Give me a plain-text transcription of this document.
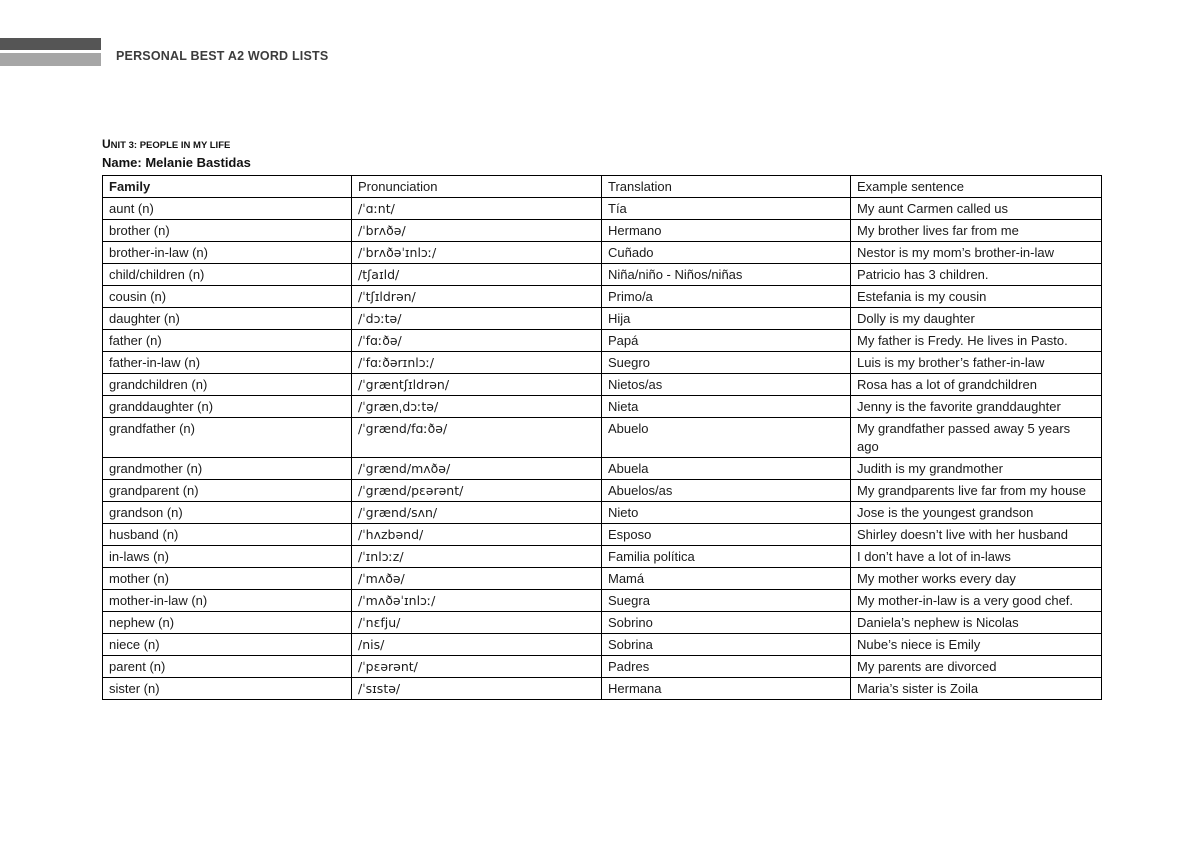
PERSONAL BEST A2 WORD LISTS
UNIT 3: PEOPLE IN MY LIFE
Name: Melanie Bastidas
Family	Pronunciation	Translation	Example sentence
aunt (n)	/ˈɑːnt/	Tía	My aunt Carmen called us
brother (n)	/ˈbrʌðə/	Hermano	My brother lives far from me
brother-in-law (n)	/ˈbrʌðəˈɪnlɔː/	Cuñado	Nestor is my mom’s brother-in-law
child/children (n)	/tʃaɪld/	Niña/niño - Niños/niñas	Patricio has 3 children.
cousin (n)	/ˈtʃɪldrən/	Primo/a	Estefania is my cousin
daughter (n)	/ˈdɔːtə/	Hija	Dolly is my daughter
father (n)	/ˈfɑːðə/	Papá	My father is Fredy. He lives in Pasto.
father-in-law (n)	/ˈfɑːðərɪnlɔː/	Suegro	Luis is my brother’s father-in-law
grandchildren (n)	/ˈgræntʃɪldrən/	Nietos/as	Rosa has a lot of grandchildren
granddaughter (n)	/ˈgrænˌdɔːtə/	Nieta	Jenny is the favorite granddaughter
grandfather (n)	/ˈgrænd/fɑːðə/	Abuelo	My grandfather passed away 5 years ago
grandmother (n)	/ˈgrænd/mʌðə/	Abuela	Judith is my grandmother
grandparent (n)	/ˈgrænd/pɛərənt/	Abuelos/as	My grandparents live far from my house
grandson (n)	/ˈgrænd/sʌn/	Nieto	Jose is the youngest grandson
husband (n)	/ˈhʌzbənd/	Esposo	Shirley doesn’t live with her husband
in-laws (n)	/ˈɪnlɔːz/	Familia política	I don’t have a lot of in-laws
mother (n)	/ˈmʌðə/	Mamá	My mother works every day
mother-in-law (n)	/ˈmʌðəˈɪnlɔː/	Suegra	My mother-in-law is a very good chef.
nephew (n)	/ˈnɛfju/	Sobrino	Daniela’s nephew is Nicolas
niece (n)	/nis/	Sobrina	Nube’s niece is Emily
parent (n)	/ˈpɛərənt/	Padres	My parents are divorced
sister (n)	/ˈsɪstə/	Hermana	Maria’s sister is Zoila
